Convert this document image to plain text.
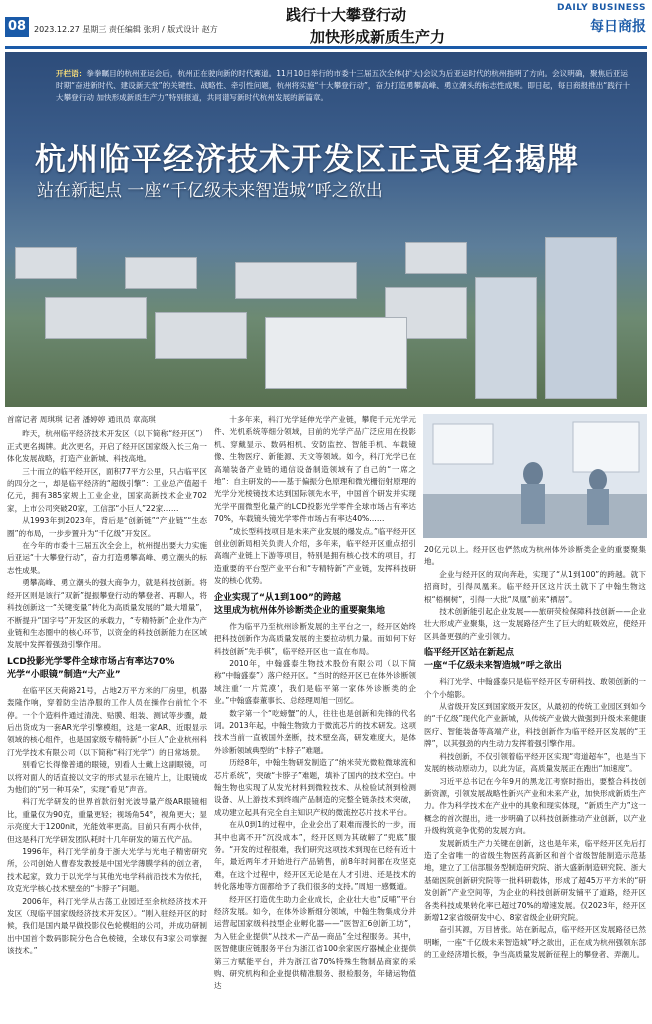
08 2023.12.27 星期三 责任编辑 张玥 / 版式设计 赵方
践行十大攀登行动
加快形成新质生产力
DAILY BUSINESS
每日商报
开栏语：拳拳瞩目的杭州亚运会后，杭州正在驶向新的时代赛道。11月10日举行的市委十三届五次全体(扩大)会议为后亚运时代的杭州指明了方向。会议明确，聚焦后亚运时期“奋进新时代、建设新天堂”的关键性、战略性、牵引性问题，杭州将实施“十大攀登行动”，奋力打造勇攀高峰、勇立潮头的标志性成果。即日起，每日商报推出“践行十大攀登行动 加快形成新质生产力”特别报道，共同谱写新时代杭州发展的新篇章。
杭州临平经济技术开发区正式更名揭牌
站在新起点 一座“千亿级未来智造城”呼之欲出

首席记者 周琪琪 记者 潘婷婷 通讯员 章高琪

昨天，杭州临平经济技术开发区（以下简称“经开区”）正式更名揭牌。此次更名，开启了经开区国家级入长三角一体化发展战略，打造产业新城、科技高地。

三十而立的临平经开区，面积77平方公里，只占临平区的四分之一，却是临平经济的“超级引擎”：工业总产值超千亿元，拥有385家规上工业企业，国家高新技术企业702家，上市公司突破20家，工信部“小巨人”22家……

从1993年到2023年，背后是“创新链”“产业链”“生态圈”的布局，一步步置升为“千亿级”开发区。

在今年的市委十三届五次全会上，杭州提出要大力实施后亚运“十大攀登行动”，奋力打造勇攀高峰、勇立潮头的标志性成果。

勇攀高峰、勇立潮头的强大商争力，就是科技创新。将经开区则是该行“双新”提振攀登行动的攀登者、再聊人，将科技创新这一“关键变量”转化为高质量发展的“最大增量”，不断提升“国字号”开发区的承载力，“专精特新”企业作为产业链和生态圈中的核心环节，以资金的科技创新能力在区域发展中发挥着强劲引擎作用。

LCD投影光学零件全球市场占有率达70%
光学“小眼镜”制造“大产业”

在临平区天荷路21号，占地2万平方米的厂房里，机器轰隆作响，穿着防尘洁净服的工作人员在操作台前忙个不停。一个个造料件通过清洗、贴膜、组装、测试等步骤，最后出货成为一套AR光学引擎模组，这是一家AR、近眼显示领域的核心组件，也是国家级专精特新“小巨人”企业杭州科汀光学技术有限公司（以下简称“科汀光学”）的日常场景。

别看它长得像普通的眼镜，别看人士戴上这副眼镜，可以将对面人的话直接以文字的形式显示在镜片上，让眼镜成为他们的“另一种耳朵”，实现“看见”声音。

科汀光学研发的世界首款衍射光波导量产级AR眼镜相比，重量仅为90克，重量更轻；视场角54°，视角更大；显示亮度大于1200nit，光能效率更高。目前只有两小伙伴，但这是科汀光学研发团队耗时十几年研发的第五代产品。

1996年，科汀光学前身于浙大光学与光电子精密研究所，公司创始人曹春发教授是中国光学薄膜学科的创立者，技术起家，致力于以光学与其他光电学科前沿技术为依托，攻克光学核心技术壁垒的“卡脖子”问题。

2006年，科汀光学从古荡工业园迁至余杭经济技术开发区（现临平国家级经济技术开发区）。“刚入驻经开区的时候，我们是国内最早做投影仪色轮模组的公司，并成功研制出中国首个数码影院分色合色棱镜，全球仅有3家公司掌握该技术。”

十多年来，科汀光学延伸光学产业链，攀爬千元光学元件、光机系统等细分领域，目前的光学产品广泛应用在投影机、穿戴显示、数码相机、安防监控、智能手机、车载镜像、生物医疗、新能源、天文等领域。如今，科汀光学已在高端装备产业链的通信设备制造领域有了自己的“一席之地”：自主研发的——基于偏振分色原理和微光栅衍射原理的光学分光棱镜技术达到国际领先水平，中国首个研发并实现光学平面微型化量产的LCD投影光学零件全球市场占有率达70%，车载镜头镜光学零件市场占有率达40%……

“成长型科技项目是未来产业发展的爆发点。”临平经开区创业创新局相关负责人介绍，多年来，临平经开区重点招引高端产业链上下游等项目，特别是拥有核心技术的项目，打造重要的平台型产业平台和“专精特新”产业链，发挥科技研发的核心优势。

企业实现了“从1到100”的跨越
这里成为杭州体外诊断类企业的重要聚集地

作为临平乃至杭州诊断发展的主平台之一，经开区始终把科技创新作为高质量发展的主要拉动机力量。而如何下好科技创新“先手棋”，临平经开区也一直在布局。

2010年，中翰盛泰生物技术股份有限公司（以下简称“中翰盛泰”）落户经开区。“当时的经开区已在体外诊断领域注重‘一片荒漠’，我们是临平第一家体外诊断类的企业。”中翰盛泰董事长、总经理周旭一回忆。

数字第一个“吃螃蟹”的人，往往也是创新和先锋的代名词。2013年起，中翰生物致力于微流芯片的技术研发。这项技术当前一直被国外垄断，技术壁垒高，研发难度大，是体外诊断领域典型的“卡脖子”难题。

历经8年，中翰生物研发制造了“纳米荧光微粒微球流和芯片系统”，突破“卡脖子”难题，填补了国内的技术空白。中翰生物也实现了从发光材料到微粒技术、从检验试剂到检测设备、从上游技术到终端产品制造的完整全链条技术突破，成功建立起具有完全自主知识产权的微流控芯片技术平台。

在从0到1的过程中，企业会出了艰难而漫长的一步，而其中也离不开“沉没成本”，经开区则为其破解了“兜底”服务。“开发的过程很难，我们研究这项技术到现在已经有近十年，最近两年才开始进行产品销售，前8年时间都在攻坚克难，在这个过程中，经开区无论是在人才引进、还是技术的转化落地等方面都给予了我们很多的支持。”周旭一感慨道。

经开区打造优生助力企业成长，企业壮大也“反哺”平台经济发展。如今，在体外诊断细分领域，中翰生物集成分并运营起国家级科技型企业孵化器——“医智汇6创新工坊”，为入驻企业提供“从技术—产品—商品”全过程服务。其中，医智健康应链服务平台为浙江省100余家医疗器械企业提供第三方赋能平台，并为浙江省70%特殊生物制品商家的采购、研究机构和企业提供精准服务、报检服务，年储运物值达

20亿元以上。经开区也俨然成为杭州体外诊断类企业的重要聚集地。

企业与经开区的双向奔赴，实现了“从1到100”的跨越。就下招商时，引得凤凰来。临平经开区这片沃土就下了中翰生物这根“梧桐树”，引得一大批“凤凰”前来“栖居”。

技术创新能引起企业发展——旅研荧检保障科技创新——企业壮大形成产业聚集，这一发展路径产生了巨大的虹吸效应，使经开区具备更强的产业引领力。

临平经开区站在新起点
一座“千亿级未来智造城”呼之欲出

科汀光学、中翰盛泰只是临平经开区专研科技、敢领创新的一个个小缩影。

从省级开发区到国家级开发区，从最初的传统工业园区到如今的“千亿级”现代化产业新城，从传统产业做大做强到升级未来健康医疗、智能装备等高端产业，科技创新作为临平经开区发展的“王牌”，以其强劲的内生动力发挥着强引擎作用。

科技创新，不仅引领着临平经开区实现“弯道超车”，也是当下发展的核动原动力，以此为证，高质量发展正在跑出“加速度”。

习近平总书记在今年9月的黑龙江考察时指出，要整合科技创新资源，引领发展战略性新兴产业和未来产业，加快形成新质生产力。作为科学技术在产业中的具象和现实体现，“新质生产力”这一概念的首次提出，进一步明确了以科技创新推动产业创新，以产业升级构筑竞争优势的发展方向。

发展新质生产力关键在创新，这也是年来，临平经开区先后打造了全省唯一的省级生物医药高新区和首个省级智能制造示范基地，建立了工信部服务型制造研究院、浙大盛新制造研究院、浙大基础医院创新研究院等一批科研载体，形成了超45万平方米的“研发创新”产业空间等，为企业的科技创新研发铺平了道路，经开区各类科技成果转化率已超过70%的增速发展。仅2023年，经开区新增12家省级研发中心、8家省级企业研究院。

奋引其源，万目皆张。站在新起点，临平经开区发展路径已然明晰，一座“千亿级未来智造城”呼之欲出，正在成为杭州强领东部的工业经济增长极，争当高质量发展新征程上的攀登者、弄潮儿。
